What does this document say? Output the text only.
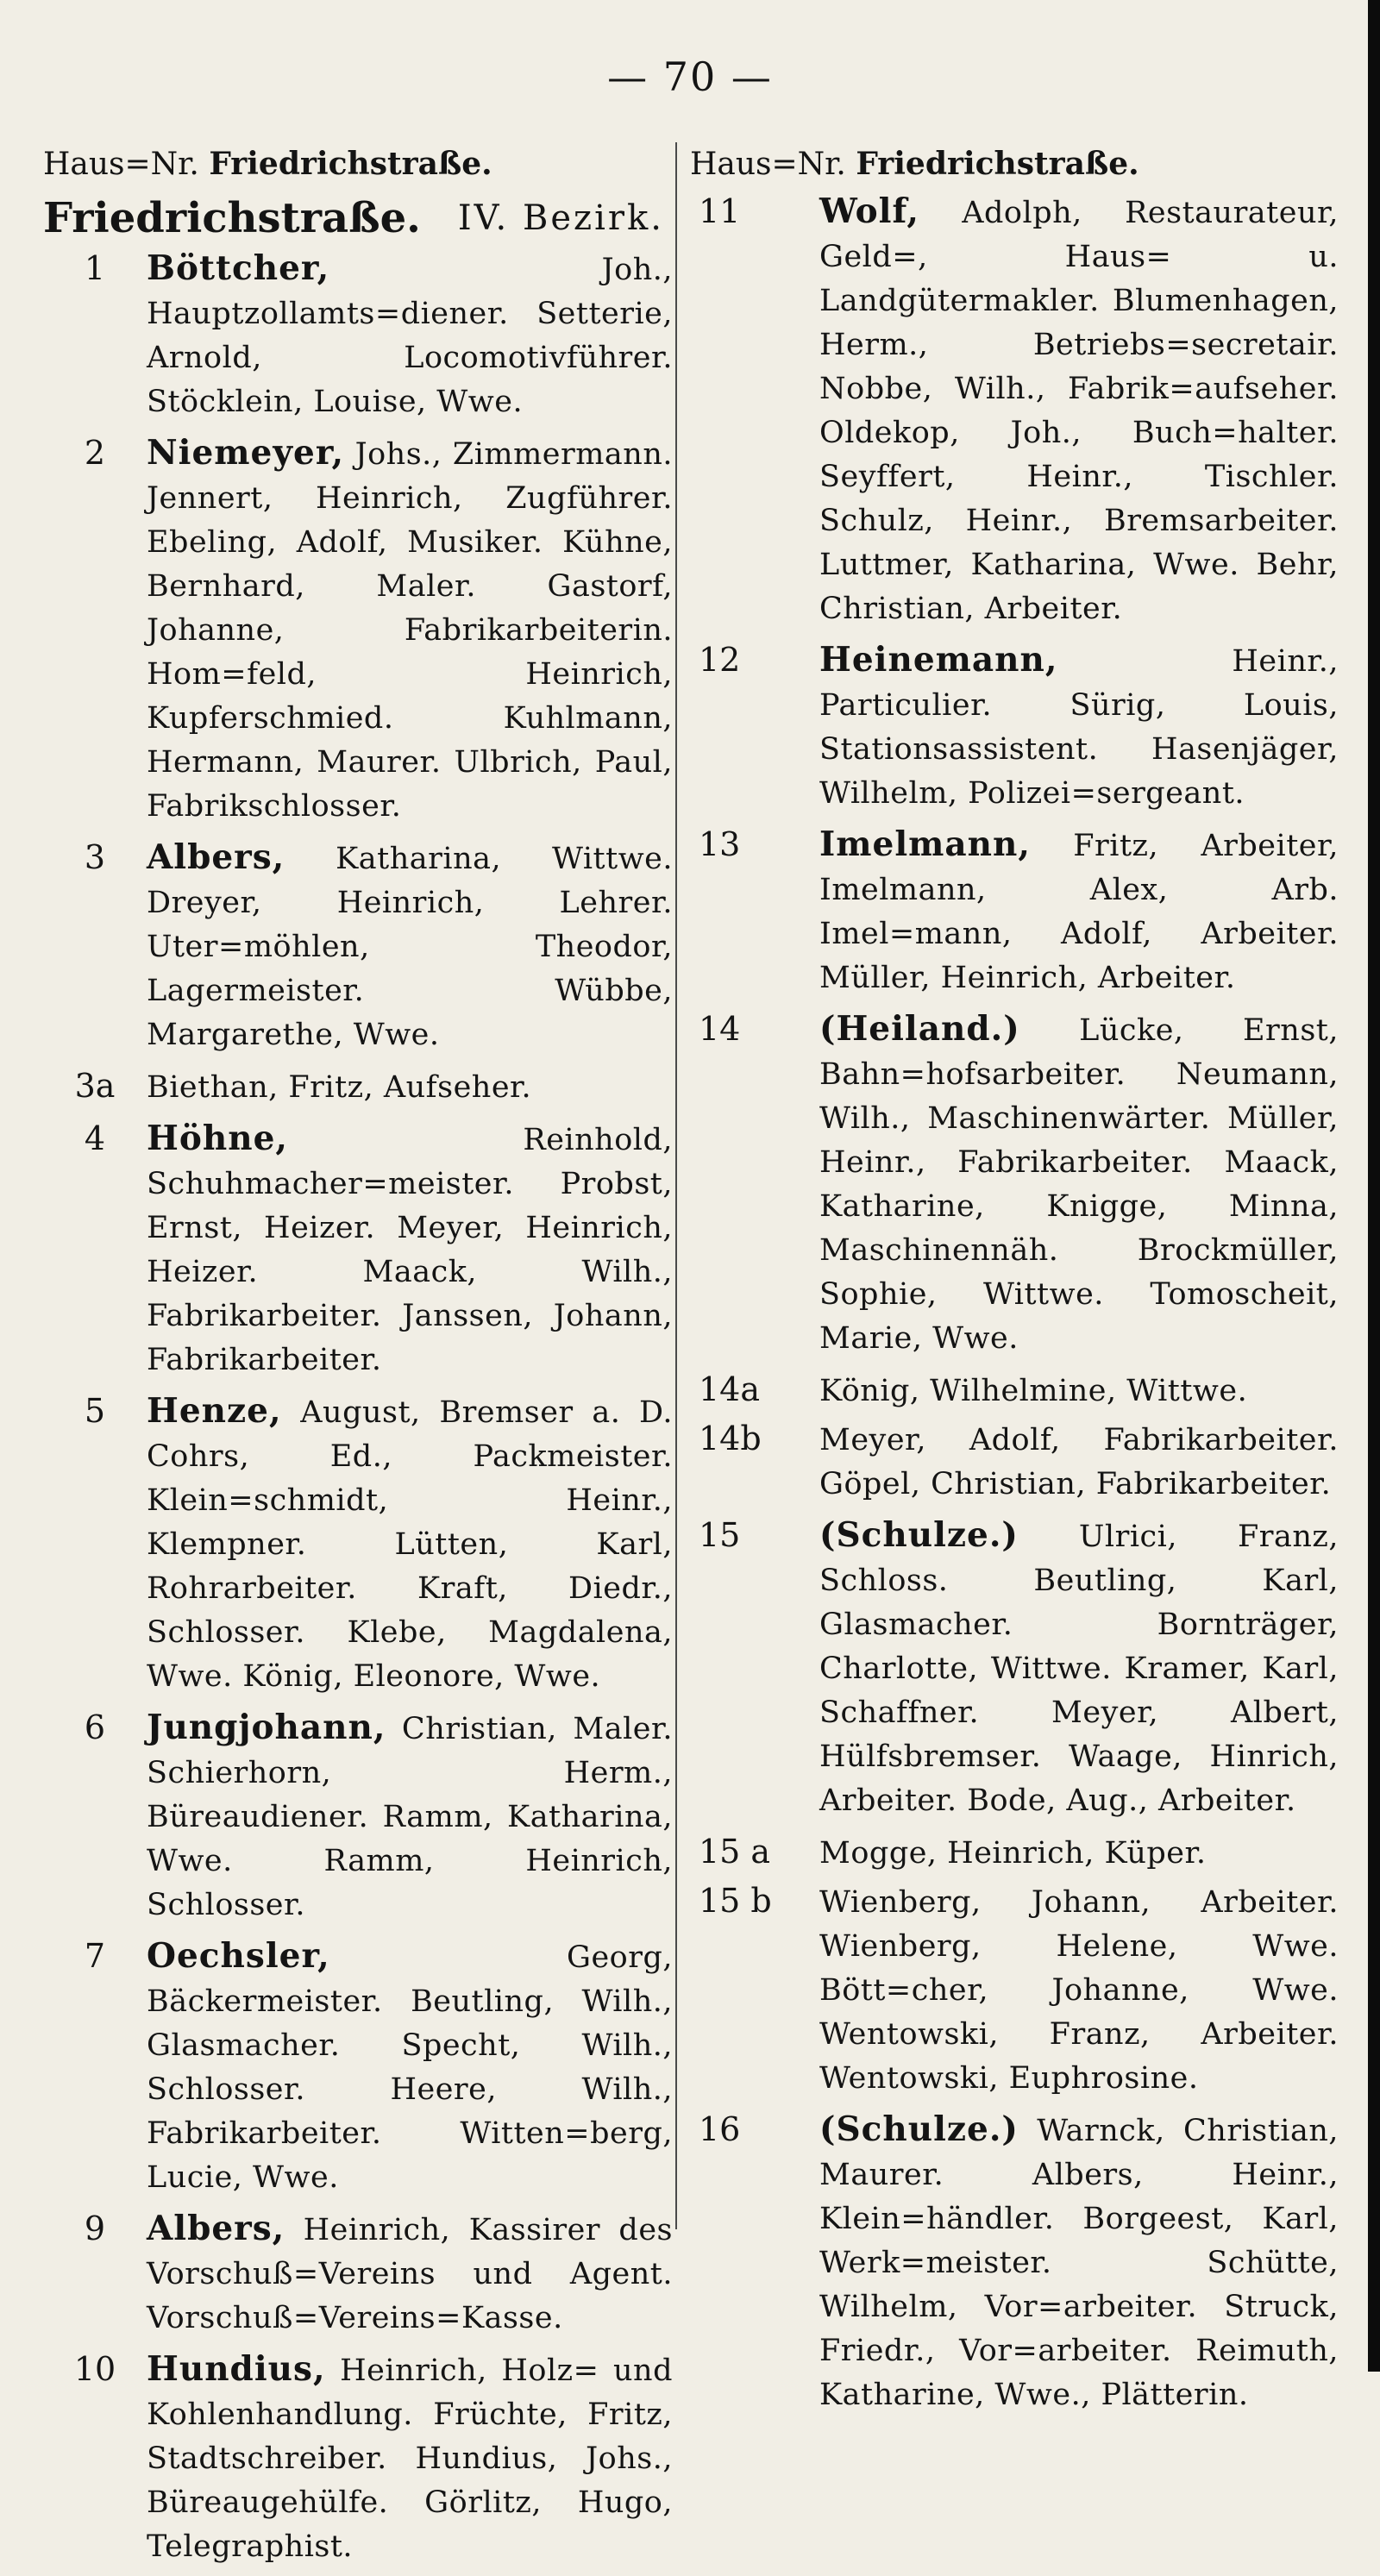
— 70 —
Haus=Nr. Friedrichstraße.
Friedrichstraße. IV. Bezirk.
1	Böttcher, Joh., Hauptzollamts=diener. Setterie, Arnold, Locomotivführer. Stöcklein, Louise, Wwe.
2	Niemeyer, Johs., Zimmermann. Jennert, Heinrich, Zugführer. Ebeling, Adolf, Musiker. Kühne, Bernhard, Maler. Gastorf, Johanne, Fabrikarbeiterin. Hom=feld, Heinrich, Kupferschmied. Kuhlmann, Hermann, Maurer. Ulbrich, Paul, Fabrikschlosser.
3	Albers, Katharina, Wittwe. Dreyer, Heinrich, Lehrer. Uter=möhlen, Theodor, Lagermeister. Wübbe, Margarethe, Wwe.
3a	Biethan, Fritz, Aufseher.
4	Höhne, Reinhold, Schuhmacher=meister. Probst, Ernst, Heizer. Meyer, Heinrich, Heizer. Maack, Wilh., Fabrikarbeiter. Janssen, Johann, Fabrikarbeiter.
5	Henze, August, Bremser a. D. Cohrs, Ed., Packmeister. Klein=schmidt, Heinr., Klempner. Lütten, Karl, Rohrarbeiter. Kraft, Diedr., Schlosser. Klebe, Magdalena, Wwe. König, Eleonore, Wwe.
6	Jungjohann, Christian, Maler. Schierhorn, Herm., Büreaudiener. Ramm, Katharina, Wwe. Ramm, Heinrich, Schlosser.
7	Oechsler, Georg, Bäckermeister. Beutling, Wilh., Glasmacher. Specht, Wilh., Schlosser. Heere, Wilh., Fabrikarbeiter. Witten=berg, Lucie, Wwe.
9	Albers, Heinrich, Kassirer des Vorschuß=Vereins und Agent. Vorschuß=Vereins=Kasse.
10 Hundius, Heinrich, Holz= und Kohlenhandlung. Früchte, Fritz, Stadtschreiber. Hundius, Johs., Büreaugehülfe. Görlitz, Hugo, Telegraphist.
Haus=Nr. Friedrichstraße.
11	Wolf, Adolph, Restaurateur, Geld=, Haus= u. Landgütermakler. Blumenhagen, Herm., Betriebs=secretair. Nobbe, Wilh., Fabrik=aufseher. Oldekop, Joh., Buch=halter. Seyffert, Heinr., Tischler. Schulz, Heinr., Bremsarbeiter. Luttmer, Katharina, Wwe. Behr, Christian, Arbeiter.
12	Heinemann, Heinr., Particulier. Sürig, Louis, Stationsassistent. Hasenjäger, Wilhelm, Polizei=sergeant.
13	Imelmann, Fritz, Arbeiter, Imelmann, Alex, Arb. Imel=mann, Adolf, Arbeiter. Müller, Heinrich, Arbeiter.
14	(Heiland.) Lücke, Ernst, Bahn=hofsarbeiter. Neumann, Wilh., Maschinenwärter. Müller, Heinr., Fabrikarbeiter. Maack, Katharine, Knigge, Minna, Maschinennäh. Brockmüller, Sophie, Wittwe. Tomoscheit, Marie, Wwe.
14a	König, Wilhelmine, Wittwe.
14b	Meyer, Adolf, Fabrikarbeiter. Göpel, Christian, Fabrikarbeiter.
15	(Schulze.) Ulrici, Franz, Schloss. Beutling, Karl, Glasmacher. Bornträger, Charlotte, Wittwe. Kramer, Karl, Schaffner. Meyer, Albert, Hülfsbremser. Waage, Hinrich, Arbeiter. Bode, Aug., Arbeiter.
15 a	Mogge, Heinrich, Küper.
15 b	Wienberg, Johann, Arbeiter. Wienberg, Helene, Wwe. Bött=cher, Johanne, Wwe. Wentowski, Franz, Arbeiter. Wentowski, Euphrosine.
16	(Schulze.) Warnck, Christian, Maurer. Albers, Heinr., Klein=händler. Borgeest, Karl, Werk=meister. Schütte, Wilhelm, Vor=arbeiter. Struck, Friedr., Vor=arbeiter. Reimuth, Katharine, Wwe., Plätterin.
